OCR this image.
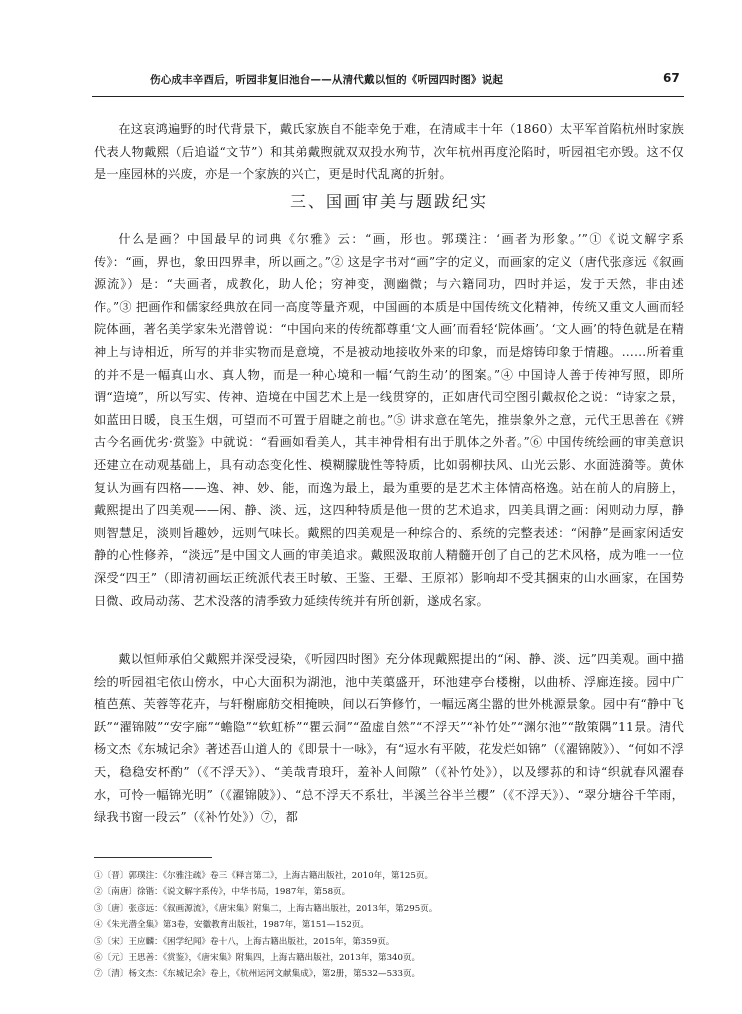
伤心成丰辛酉后，听园非复旧池台——从清代戴以恒的《听园四时图》说起	67

在这哀鸿遍野的时代背景下，戴氏家族自不能幸免于难，在清咸丰十年（1860）太平军首陷杭州时家族代表人物戴熙（后追谥“文节”）和其弟戴煦就双双投水殉节，次年杭州再度沦陷时，听园祖宅亦毁。这不仅是一座园林的兴废，亦是一个家族的兴亡，更是时代乱离的折射。

三、国画审美与题跋纪实

什么是画？中国最早的词典《尔雅》云：“画，形也。郭璞注：‘画者为形象。’”①《说文解字系传》：“画，界也，象田四界聿，所以画之。”② 这是字书对“画”字的定义，而画家的定义（唐代张彦远《叙画源流》）是：“夫画者，成教化，助人伦；穷神变，测幽微；与六籍同功，四时并运，发于天然，非由述作。”③ 把画作和儒家经典放在同一高度等量齐观，中国画的本质是中国传统文化精神，传统又重文人画而轻院体画，著名美学家朱光潜曾说：“中国向来的传统都尊重‘文人画’而看轻‘院体画’。‘文人画’的特色就是在精神上与诗相近，所写的并非实物而是意境，不是被动地接收外来的印象，而是熔铸印象于情趣。……所着重的并不是一幅真山水、真人物，而是一种心境和一幅‘气韵生动’的图案。”④ 中国诗人善于传神写照，即所谓“造境”，所以写实、传神、造境在中国艺术上是一线贯穿的，正如唐代司空图引戴叔伦之说：“诗家之景，如蓝田日暖，良玉生烟，可望而不可置于眉睫之前也。”⑤ 讲求意在笔先，推崇象外之意，元代王思善在《辨古今名画优劣·赏鉴》中就说：“看画如看美人，其丰神骨相有出于肌体之外者。”⑥ 中国传统绘画的审美意识还建立在动观基础上，具有动态变化性、模糊朦胧性等特质，比如弱柳扶风、山光云影、水面涟漪等。黄休复认为画有四格——逸、神、妙、能，而逸为最上，最为重要的是艺术主体情高格逸。站在前人的肩膀上，戴熙提出了四美观——闲、静、淡、远，这四种特质是他一贯的艺术追求，四美具谓之画：闲则动力厚，静则智慧足，淡则旨趣妙，远则气味长。戴熙的四美观是一种综合的、系统的完整表述：“闲静”是画家闲适安静的心性修养，“淡远”是中国文人画的审美追求。戴熙汲取前人精髓开创了自己的艺术风格，成为唯一一位深受“四王”（即清初画坛正统派代表王时敏、王鉴、王翚、王原祁）影响却不受其捆束的山水画家，在国势日微、政局动荡、艺术没落的清季致力延续传统并有所创新，遂成名家。

戴以恒师承伯父戴熙并深受浸染，《听园四时图》充分体现戴熙提出的“闲、静、淡、远”四美观。画中描绘的听园祖宅依山傍水，中心大面积为湖池，池中芙蕖盛开，环池建亭台楼榭，以曲桥、浮廊连接。园中广植芭蕉、芙蓉等花卉，与轩榭廊舫交相掩映，间以石笋修竹，一幅远离尘嚣的世外桃源景象。园中有“静中飞跃”“濯锦陂”“安字廊”“蟾隐”“软虹桥”“瞿云洞”“盈虚自然”“不浮天”“补竹处”“渊尔池”“散策隅”11景。清代杨文杰《东城记余》著述吾山道人的《即景十一咏》，有“逗水有平陂，花发烂如锦”（《濯锦陂》）、“何如不浮天，稳稳安杯酌”（《不浮天》）、“美哉青琅玕，羞补人间隙”（《补竹处》），以及缪荪的和诗“织就春风濯春水，可怜一幅锦光明”（《濯锦陂》）、“总不浮天不系壮，半溪兰谷半兰樱”（《不浮天》）、“翠分塘谷千竿雨，绿我书窗一段云”（《补竹处》）⑦，都

①〔晋〕郭璞注：《尔雅注疏》卷三《释言第二》，上海古籍出版社，2010年，第125页。

②〔南唐〕徐锴：《说文解字系传》，中华书局，1987年，第58页。

③〔唐〕张彦远：《叙画源流》，《唐宋集》附集二，上海古籍出版社，2013年，第295页。

④《朱光潜全集》第3卷，安徽教育出版社，1987年，第151—152页。

⑤〔宋〕王应麟：《困学纪闻》卷十八，上海古籍出版社，2015年，第359页。

⑥〔元〕王思善：《赏鉴》，《唐宋集》附集四，上海古籍出版社，2013年，第340页。

⑦〔清〕杨文杰：《东城记余》卷上，《杭州运河文献集成》，第2册，第532—533页。
